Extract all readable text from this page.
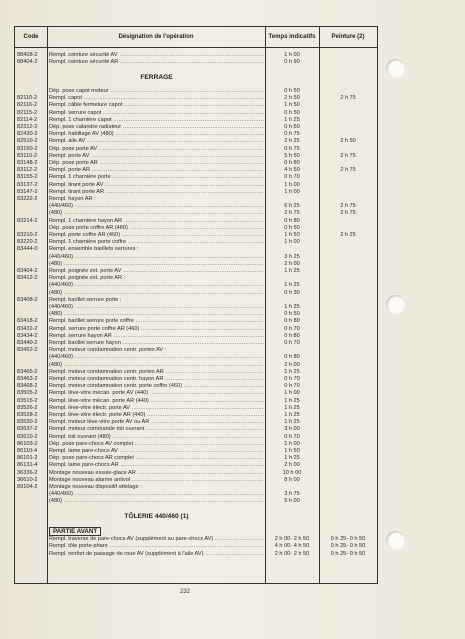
Code	Désignation de l'opération	Temps indicatifs	Peinture (2)
88408-2	Rempl. ceinture sécurité AV .....	1 h 00
88404-2	Rempl. ceinture sécurité AR .....	0 h 90
FERRAGE
Dép. pose capot moteur .....	0 h 50
82110-2	Rempl. capot .....	2 h 50	2 h 75
82116-2	Rempl. câble fermeture capot .....	1 h 50
82115-2	Rempl. serrure capot .....	0 h 50
82114-2	Rempl. 1 charnière capot .....	1 h 25
82312-2	Dép. pose calandre radiateur .....	0 h 50
82430-2	Rempl. habillage AV (480) .....	0 h 75
82510-2	Rempl. aile AV .....	2 h 25	2 h 50
83150-2	Dép. pose porte AV .....	0 h 75
83110-2	Rempl. porte AV .....	5 h 50	2 h 75
83148-2	Dép. pose porte AR .....	0 h 80
83112-2	Rempl. porte AR .....	4 h 50	2 h 75
83155-2	Rempl. 1 charnière porte .....	0 h 70
83137-2	Rempl. tirant porte AV .....	1 h 00
83147-2	Rempl. tirant porte AR .....	1 h 00
83222-2	Rempl. hayon AR :
(440/460) .....	6 h 25	2 h 75
(480) .....	2 h 75	2 h 75
83214-2	Rempl. 1 charnière hayon AR .....	0 h 80
Dép. pose porte coffre AR (460) .....	0 h 50
83210-2	Rempl. porte coffre AR (460) .....	1 h 50	2 h 25
83220-2	Rempl. 1 charnière porte coffre .....	1 h 00
83444-0	Rempl. ensemble barillets serrures :
(440/460) .....	3 h 25
(480) .....	2 h 00
83404-2	Rempl. poignée ext. porte AV .....	1 h 25
83412-2	Rempl. poignée ext. porte AR :
(440/460) .....	1 h 25
(480) .....	0 h 30
83408-2	Rempl. barillet serrure porte :
(440/460) .....	1 h 25
(480) .....	0 h 50
83418-2	Rempl. barillet serrure porte coffre .....	0 h 80
83432-2	Rempl. serrure porte coffre AR (460) .....	0 h 70
83434-2	Rempl. serrure hayon AR .....	0 h 80
83440-2	Rempl. barillet serrure hayon .....	0 h 70
83452-2	Rempl. moteur condamnation centr. portes AV :
(440/460) .....	0 h 80
(480) .....	2 h 00
83465-2	Rempl. moteur condamnation centr. portes AR .....	1 h 25
83463-2	Rempl. moteur condamnation centr. hayon AR .....	0 h 70
83468-2	Rempl. moteur condamnation centr. porte coffre (460) .....	0 h 70
83505-2	Rempl. lève-vitre mécan. porte AV (440) .....	1 h 00
83515-2	Rempl. lève-vitre mécan. porte AR (440) .....	1 h 25
83526-2	Rempl. lève-vitre électr. porte AV .....	1 h 25
83528-2	Rempl. lève-vitre électr. porte AR (440) .....	1 h 25
83530-2	Rempl. moteur lève-vitre porte AV ou AR .....	1 h 25
83637-2	Rempl. moteur commande toit ouvrant .....	3 h 00
83610-2	Rempl. toit ouvrant (480) .....	0 h 70
86103-2	Dép. pose pare-chocs AV complet .....	1 h 00
86110-4	Rempl. lame pare-chocs AV .....	1 h 50
86101-2	Dép. pose pare-chocs AR complet .....	1 h 25
86131-4	Rempl. lame pare-chocs AR .....	2 h 00
36336-2	Montage nouveau essuie-glace AR .....	10 h 00
36610-2	Montage nouveau alarme antivol .....	8 h 00
89104-2	Montage nouveau dispositif attelage :
(440/460) .....	3 h 75
(480) .....	5 h 00
TÔLERIE 440/460 (1)
PARTIE AVANT
Rempl. traverse de pare-chocs AV (supplément au pare-chocs AV) .....	2 h 00- 2 h 50	0 h 25- 0 h 50
Rempl. tôle porte-phare .....	4 h 00- 4 h 50	0 h 25- 0 h 50
Rempl. renfort de passage de roue AV (supplément à l'aile AV) .....	2 h 00- 2 h 50	0 h 25- 0 h 50
232
